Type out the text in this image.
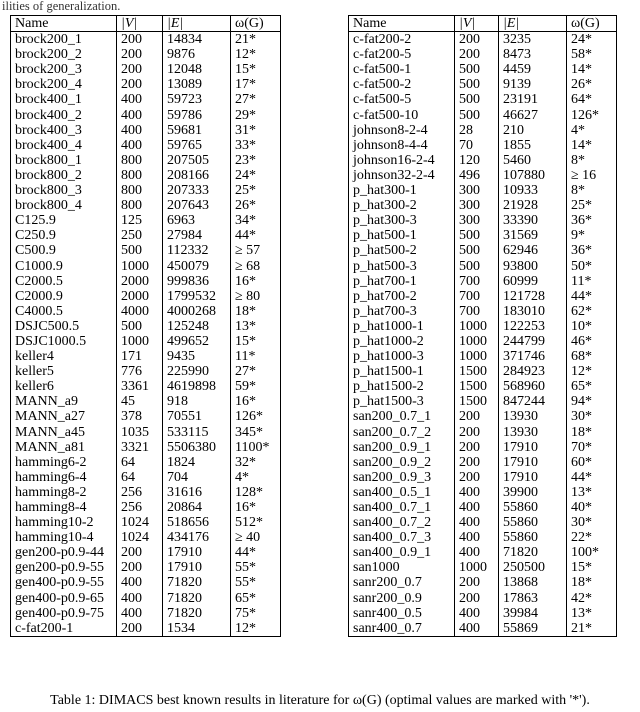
ilities of generalization.
Name	|V|	|E|	ω(G)
brock200_1	200	14834	21*
brock200_2	200	9876	12*
brock200_3	200	12048	15*
brock200_4	200	13089	17*
brock400_1	400	59723	27*
brock400_2	400	59786	29*
brock400_3	400	59681	31*
brock400_4	400	59765	33*
brock800_1	800	207505	23*
brock800_2	800	208166	24*
brock800_3	800	207333	25*
brock800_4	800	207643	26*
C125.9	125	6963	34*
C250.9	250	27984	44*
C500.9	500	112332	≥ 57
C1000.9	1000	450079	≥ 68
C2000.5	2000	999836	16*
C2000.9	2000	1799532	≥ 80
C4000.5	4000	4000268	18*
DSJC500.5	500	125248	13*
DSJC1000.5	1000	499652	15*
keller4	171	9435	11*
keller5	776	225990	27*
keller6	3361	4619898	59*
MANN_a9	45	918	16*
MANN_a27	378	70551	126*
MANN_a45	1035	533115	345*
MANN_a81	3321	5506380	1100*
hamming6-2	64	1824	32*
hamming6-4	64	704	4*
hamming8-2	256	31616	128*
hamming8-4	256	20864	16*
hamming10-2	1024	518656	512*
hamming10-4	1024	434176	≥ 40
gen200-p0.9-44	200	17910	44*
gen200-p0.9-55	200	17910	55*
gen400-p0.9-55	400	71820	55*
gen400-p0.9-65	400	71820	65*
gen400-p0.9-75	400	71820	75*
c-fat200-1	200	1534	12*
Name	|V|	|E|	ω(G)
c-fat200-2	200	3235	24*
c-fat200-5	200	8473	58*
c-fat500-1	500	4459	14*
c-fat500-2	500	9139	26*
c-fat500-5	500	23191	64*
c-fat500-10	500	46627	126*
johnson8-2-4	28	210	4*
johnson8-4-4	70	1855	14*
johnson16-2-4	120	5460	8*
johnson32-2-4	496	107880	≥ 16
p_hat300-1	300	10933	8*
p_hat300-2	300	21928	25*
p_hat300-3	300	33390	36*
p_hat500-1	500	31569	9*
p_hat500-2	500	62946	36*
p_hat500-3	500	93800	50*
p_hat700-1	700	60999	11*
p_hat700-2	700	121728	44*
p_hat700-3	700	183010	62*
p_hat1000-1	1000	122253	10*
p_hat1000-2	1000	244799	46*
p_hat1000-3	1000	371746	68*
p_hat1500-1	1500	284923	12*
p_hat1500-2	1500	568960	65*
p_hat1500-3	1500	847244	94*
san200_0.7_1	200	13930	30*
san200_0.7_2	200	13930	18*
san200_0.9_1	200	17910	70*
san200_0.9_2	200	17910	60*
san200_0.9_3	200	17910	44*
san400_0.5_1	400	39900	13*
san400_0.7_1	400	55860	40*
san400_0.7_2	400	55860	30*
san400_0.7_3	400	55860	22*
san400_0.9_1	400	71820	100*
san1000	1000	250500	15*
sanr200_0.7	200	13868	18*
sanr200_0.9	200	17863	42*
sanr400_0.5	400	39984	13*
sanr400_0.7	400	55869	21*
Table 1: DIMACS best known results in literature for ω(G) (optimal values are marked with '*').
